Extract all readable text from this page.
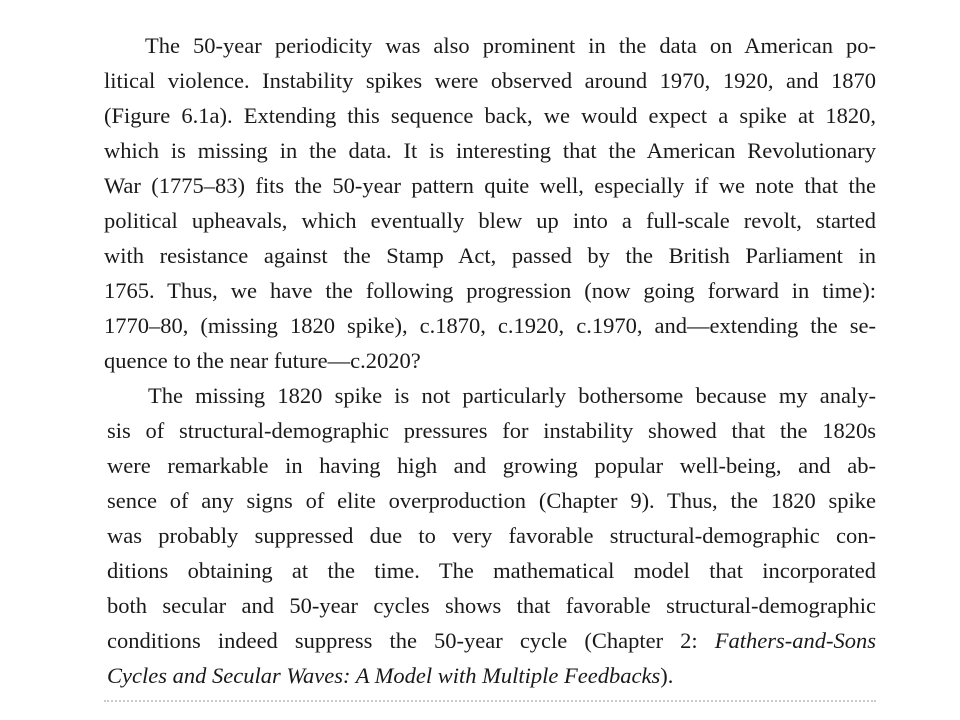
The 50-year periodicity was also prominent in the data on American po-
litical violence. Instability spikes were observed around 1970, 1920, and 1870
(Figure 6.1a). Extending this sequence back, we would expect a spike at 1820,
which is missing in the data. It is interesting that the American Revolutionary
War (1775–83) fits the 50-year pattern quite well, especially if we note that the
political upheavals, which eventually blew up into a full-scale revolt, started
with resistance against the Stamp Act, passed by the British Parliament in
1765. Thus, we have the following progression (now going forward in time):
1770–80, (missing 1820 spike), c.1870, c.1920, c.1970, and—extending the se-
quence to the near future—c.2020?
The missing 1820 spike is not particularly bothersome because my analy-
sis of structural-demographic pressures for instability showed that the 1820s
were remarkable in having high and growing popular well-being, and ab-
sence of any signs of elite overproduction (Chapter 9). Thus, the 1820 spike
was probably suppressed due to very favorable structural-demographic con-
ditions obtaining at the time. The mathematical model that incorporated
both secular and 50-year cycles shows that favorable structural-demographic
conditions indeed suppress the 50-year cycle (Chapter 2: Fathers-and-Sons
Cycles and Secular Waves: A Model with Multiple Feedbacks).
